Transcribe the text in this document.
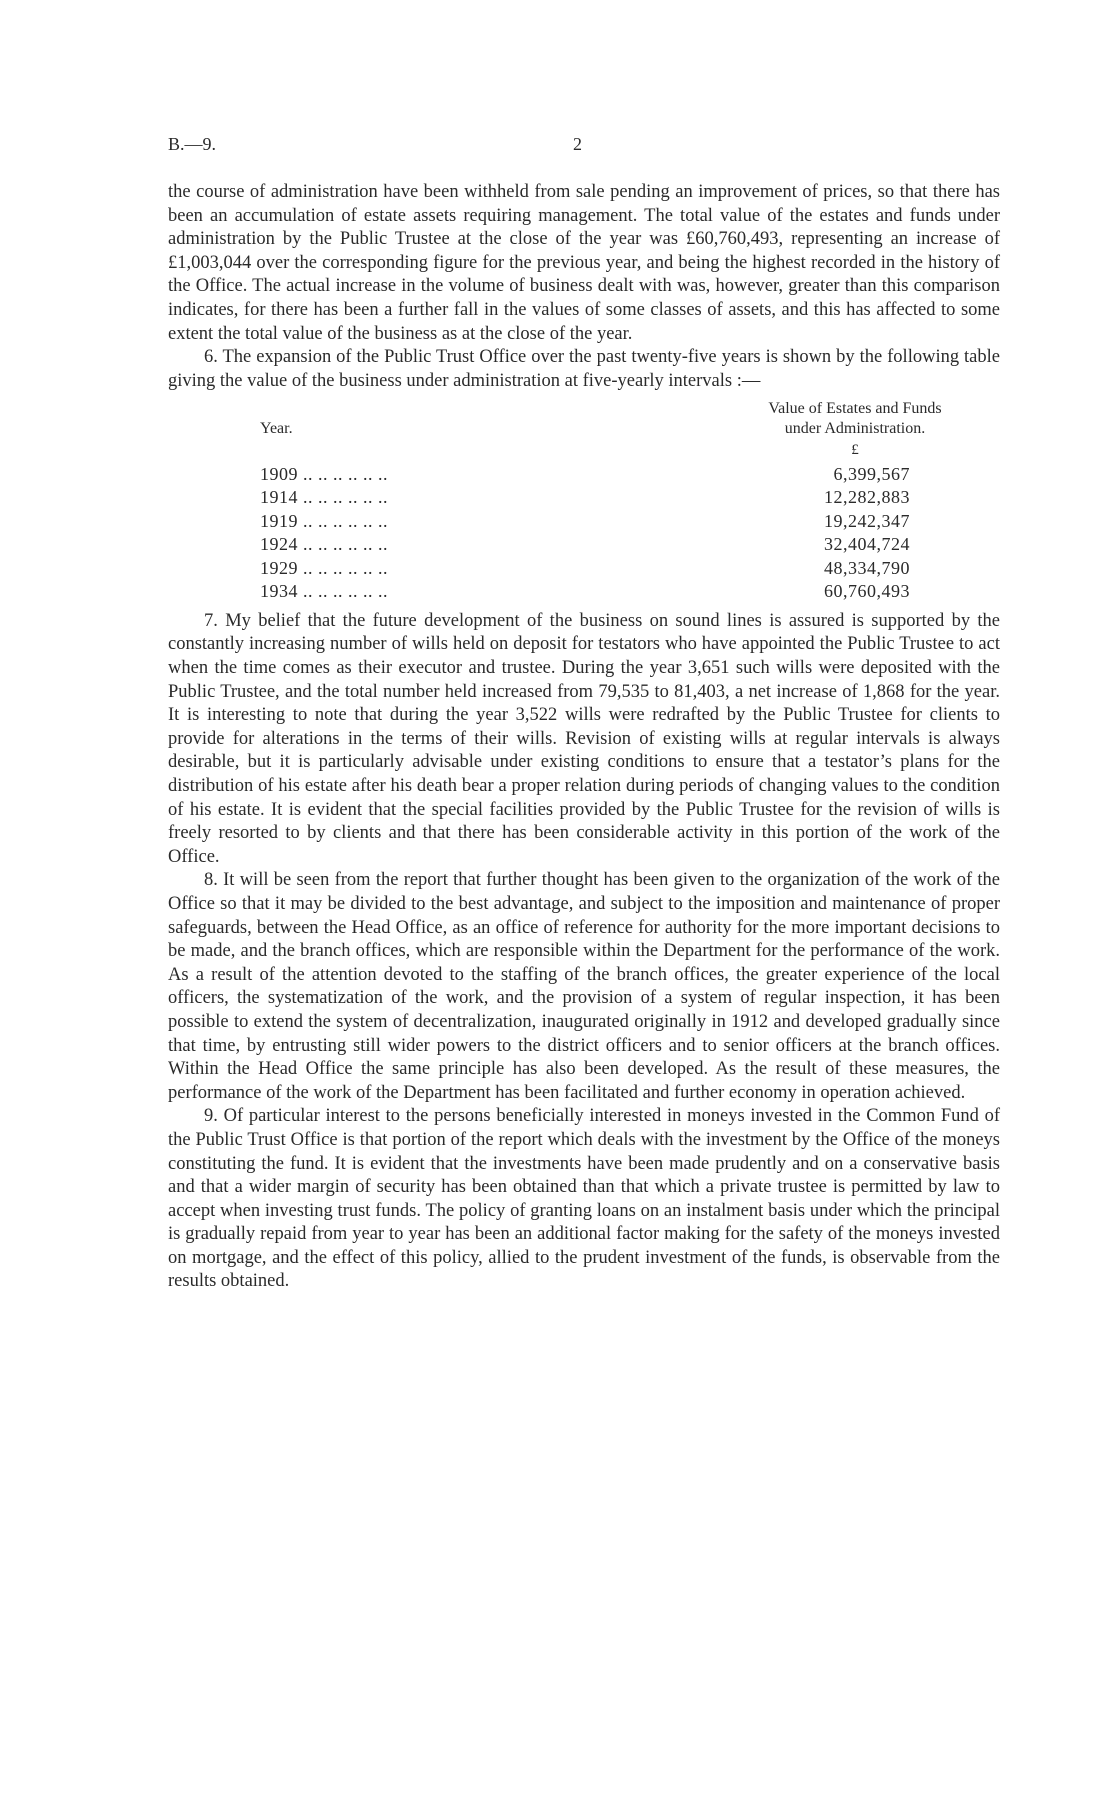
B.—9.	2

the course of administration have been withheld from sale pending an improvement of prices, so that there has been an accumulation of estate assets requiring management. The total value of the estates and funds under administration by the Public Trustee at the close of the year was £60,760,493, representing an increase of £1,003,044 over the corresponding figure for the previous year, and being the highest recorded in the history of the Office. The actual increase in the volume of business dealt with was, however, greater than this comparison indicates, for there has been a further fall in the values of some classes of assets, and this has affected to some extent the total value of the business as at the close of the year.

6. The expansion of the Public Trust Office over the past twenty-five years is shown by the following table giving the value of the business under administration at five-yearly intervals :—

Year.	Value of Estates and Funds
under Administration.

	£
1909 .. .. .. .. .. ..	6,399,567
1914 .. .. .. .. .. ..	12,282,883
1919 .. .. .. .. .. ..	19,242,347
1924 .. .. .. .. .. ..	32,404,724
1929 .. .. .. .. .. ..	48,334,790
1934 .. .. .. .. .. ..	60,760,493

7. My belief that the future development of the business on sound lines is assured is supported by the constantly increasing number of wills held on deposit for testators who have appointed the Public Trustee to act when the time comes as their executor and trustee. During the year 3,651 such wills were deposited with the Public Trustee, and the total number held increased from 79,535 to 81,403, a net increase of 1,868 for the year. It is interesting to note that during the year 3,522 wills were redrafted by the Public Trustee for clients to provide for alterations in the terms of their wills. Revision of existing wills at regular intervals is always desirable, but it is particularly advisable under existing conditions to ensure that a testator’s plans for the distribution of his estate after his death bear a proper relation during periods of changing values to the condition of his estate. It is evident that the special facilities provided by the Public Trustee for the revision of wills is freely resorted to by clients and that there has been considerable activity in this portion of the work of the Office.

8. It will be seen from the report that further thought has been given to the organization of the work of the Office so that it may be divided to the best advantage, and subject to the imposition and maintenance of proper safeguards, between the Head Office, as an office of reference for authority for the more important decisions to be made, and the branch offices, which are responsible within the Department for the performance of the work. As a result of the attention devoted to the staffing of the branch offices, the greater experience of the local officers, the systematization of the work, and the provision of a system of regular inspection, it has been possible to extend the system of decentralization, inaugurated originally in 1912 and developed gradually since that time, by entrusting still wider powers to the district officers and to senior officers at the branch offices. Within the Head Office the same principle has also been developed. As the result of these measures, the performance of the work of the Department has been facilitated and further economy in operation achieved.

9. Of particular interest to the persons beneficially interested in moneys invested in the Common Fund of the Public Trust Office is that portion of the report which deals with the investment by the Office of the moneys constituting the fund. It is evident that the investments have been made prudently and on a conservative basis and that a wider margin of security has been obtained than that which a private trustee is permitted by law to accept when investing trust funds. The policy of granting loans on an instalment basis under which the principal is gradually repaid from year to year has been an additional factor making for the safety of the moneys invested on mortgage, and the effect of this policy, allied to the prudent investment of the funds, is observable from the results obtained.
